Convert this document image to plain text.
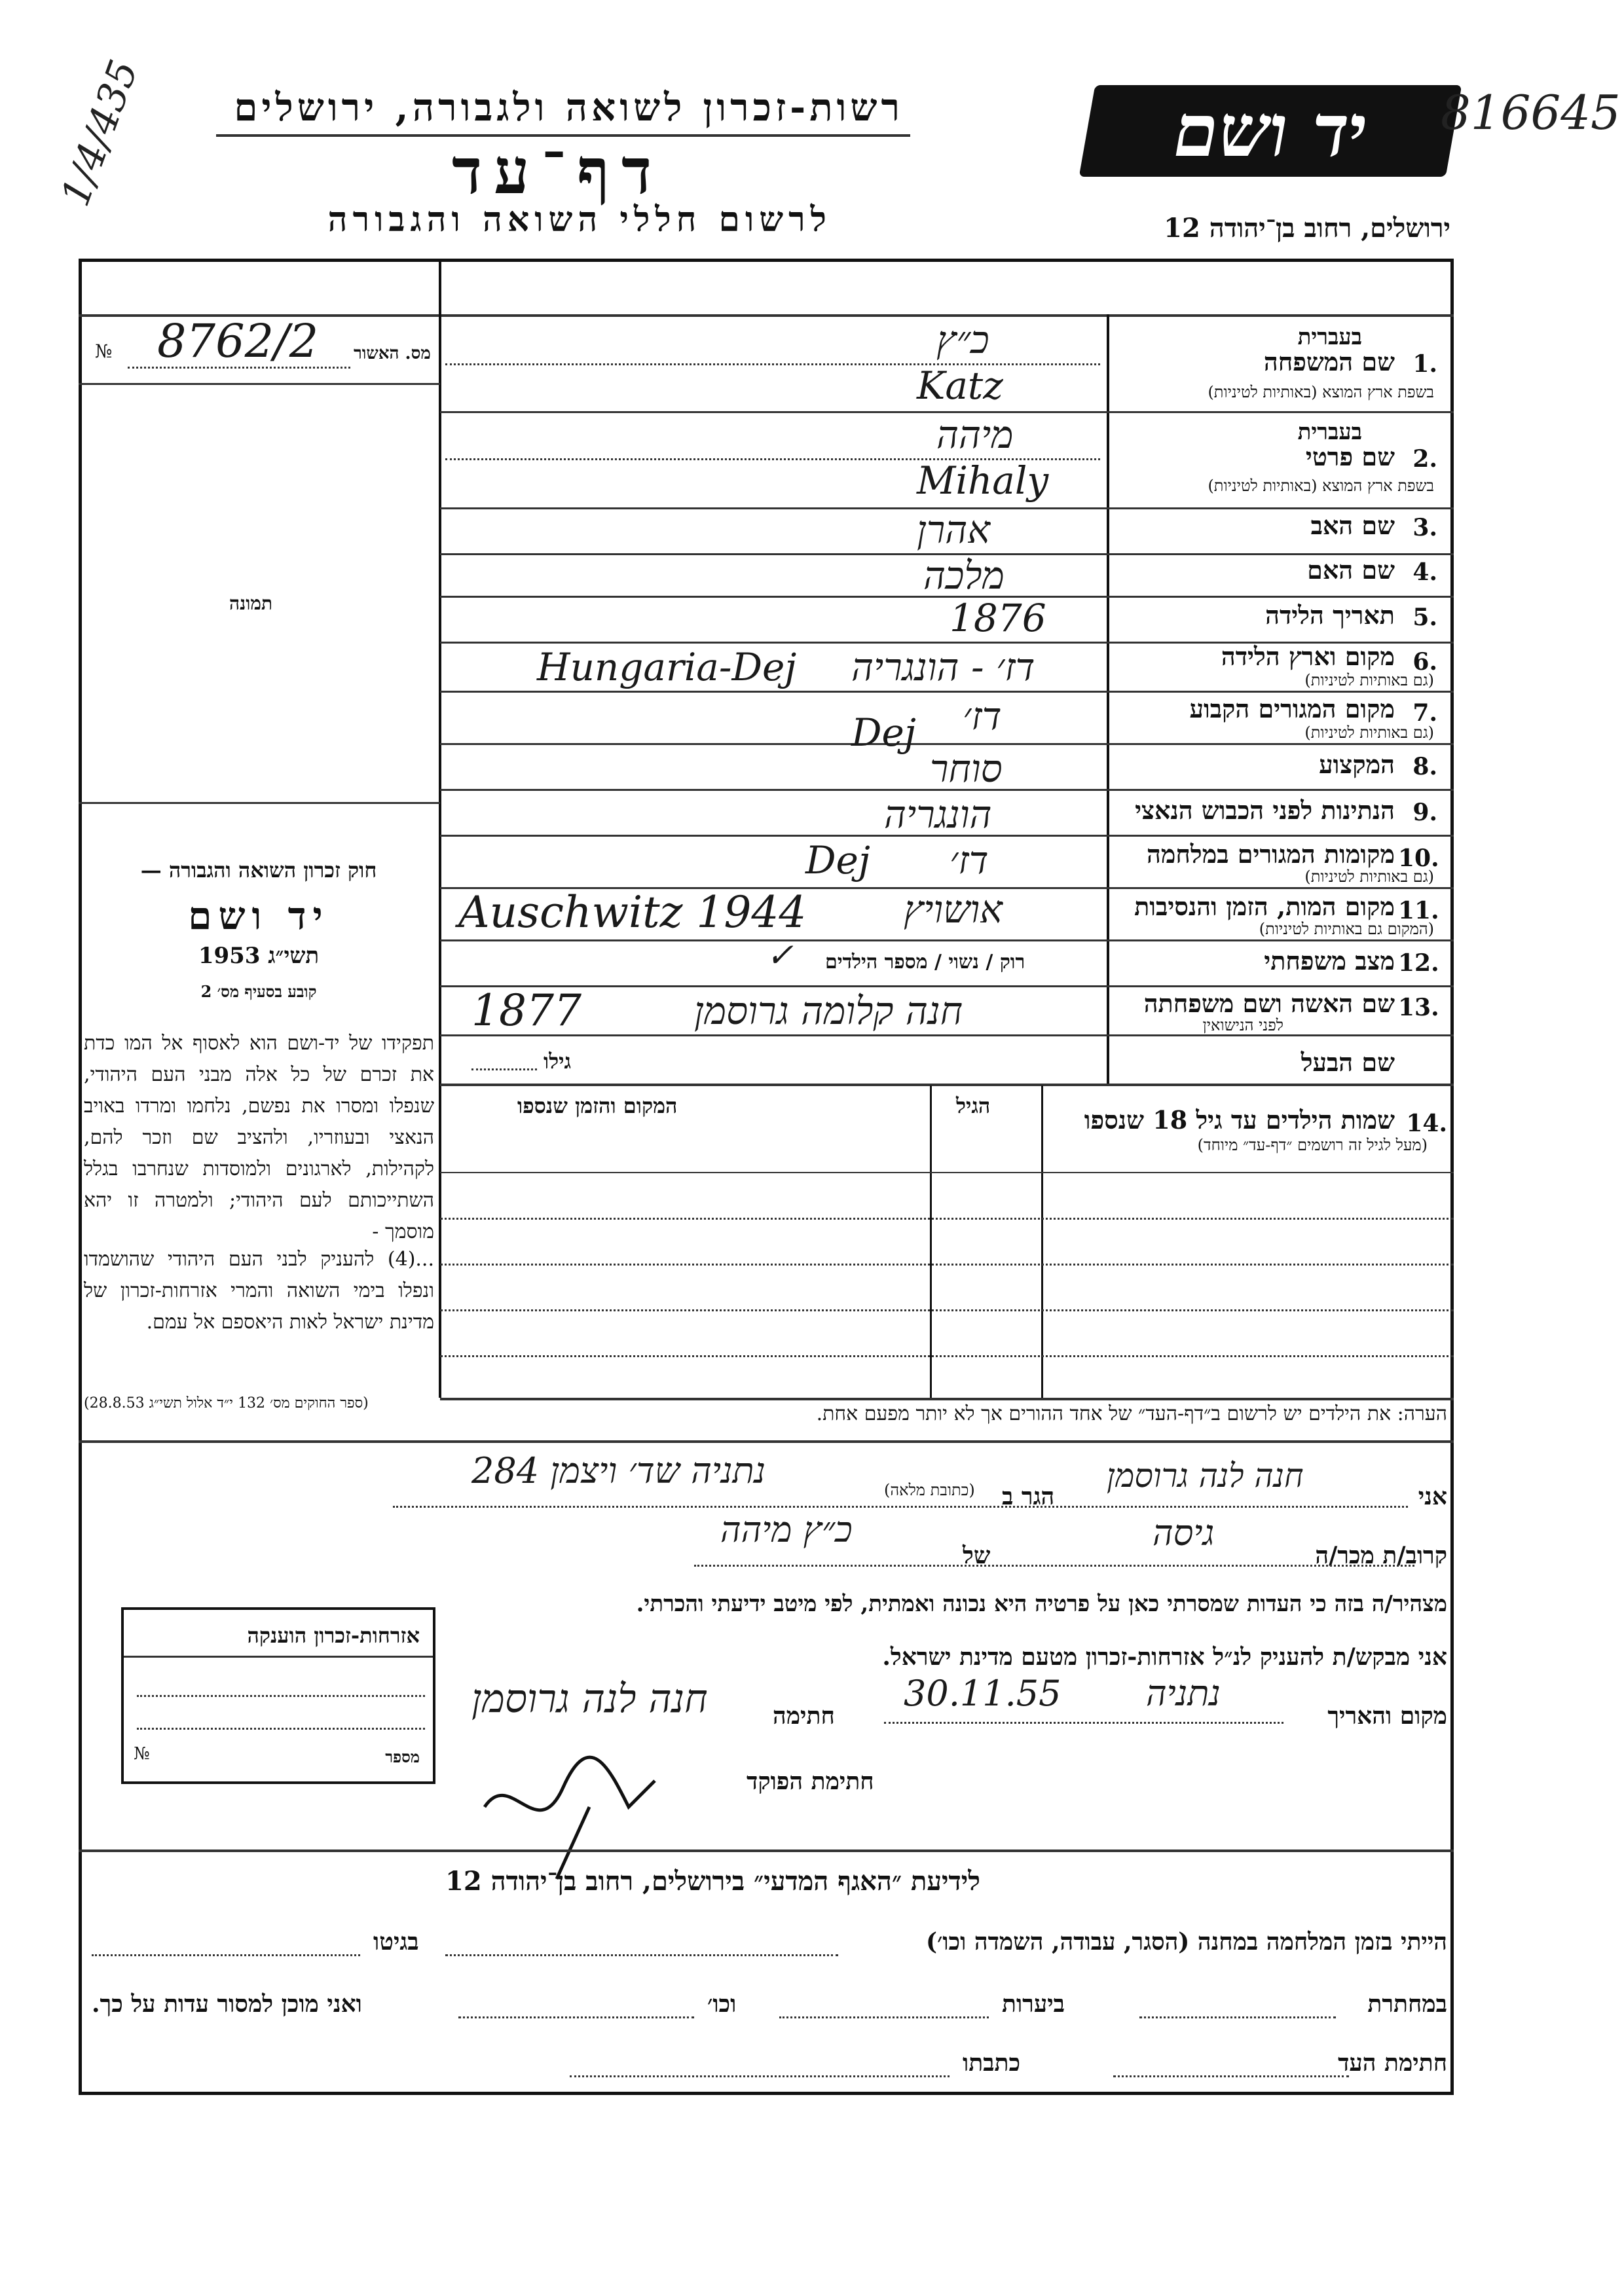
רשות-זכרון לשואה ולגבורה, ירושלים
דף־עד
לרשום חללי השואה והגבורה
יד ושם 816645
ירושלים, רחוב בן־יהודה 12
1/4/435
מס. האשור
№ 8762/2
תמונה
חוק זכרון השואה והגבורה —
יד ושם
תשי״ג 1953
קובע בסעיף מס׳ 2
תפקידו של יד-ושם הוא לאסוף אל המו כדת את זכרם של כל אלה מבני העם היהודי, שנפלו ומסרו את נפשם, נלחמו ומרדו באויב הנאצי ובעוזריו, ולהציב שם וזכר להם, לקהילות, לארגונים ולמוסדות שנחרבו בגלל השתייכותם לעם היהודי; ולמטרה זו יהא מוסמך -
...(4) להעניק לבני העם היהודי שהושמדו ונפלו בימי השואה והמרי אזרחות-זכרון של מדינת ישראל לאות היאספם אל עמם.
(ספר החוקים מס׳ 132 י״ד אלול תשי״ג 28.8.53)
בעברית
1.
שם המשפחה
בשפת ארץ המוצא (באותיות לטיניות)
כ״ץ
Katz
בעברית
2.
שם פרטי
בשפת ארץ המוצא (באותיות לטיניות)
מיהה
Mihaly
3.
שם האב
אהרן
4.
שם האם
מלכה
5.
תאריך הלידה
1876
6.
מקום וארץ הלידה
(גם באותיות לטיניות)
דז׳ - הונגריה
Hungaria-Dej
7.
מקום המגורים הקבוע
(גם באותיות לטיניות)
דז׳
Dej
8.
המקצוע
סוחר
9.
הנתינות לפני הכבוש הנאצי
הונגריה
10.
מקומות המגורים במלחמה
(גם באותיות לטיניות)
דז׳
Dej
11.
מקום המות, הזמן והנסיבות
(המקום גם באותיות לטיניות)
אושויץ
Auschwitz 1944
12.
מצב משפחתי
רוק / נשוי / מספר הילדים
✓
13.
שם האשה ושם משפחתה
לפני הנישואין
חנה קלומה גרוסמן
1877
שם הבעל
גילו
14.
שמות הילדים עד גיל 18 שנספו
(מעל לגיל זה רושמים ״דף-עד״ מיוחד)
הגיל
המקום והזמן שנספו
הערה: את הילדים יש לרשום ב״דף-העד״ של אחד ההורים אך לא יותר מפעם אחת.
אני
חנה לנה גרוסמן
הגר ב
(כתובת מלאה)
נתניה שד׳ ויצמן 284
קרוב/ת מכר/ה
גיסה
של
כ״ץ מיהה
מצהיר/ה בזה כי העדות שמסרתי כאן על פרטיה היא נכונה ואמתית, לפי מיטב ידיעתי והכרתי.
אני מבקש/ת להעניק לנ״ל אזרחות-זכרון מטעם מדינת ישראל.
מקום והאריך
נתניה
30.11.55
חתימה
חנה לנה גרוסמן
חתימת הפוקד
אזרחות-זכרון הוענקה
מספר
№
לידיעת ״האגף המדעי״ בירושלים, רחוב בן־יהודה 12
הייתי בזמן המלחמה במחנה (הסגר, עבודה, השמדה וכו׳)
בגיטו
במחתרת
ביערות
וכו׳
ואני מוכן למסור עדות על כך.
חתימת העד
כתבתו
